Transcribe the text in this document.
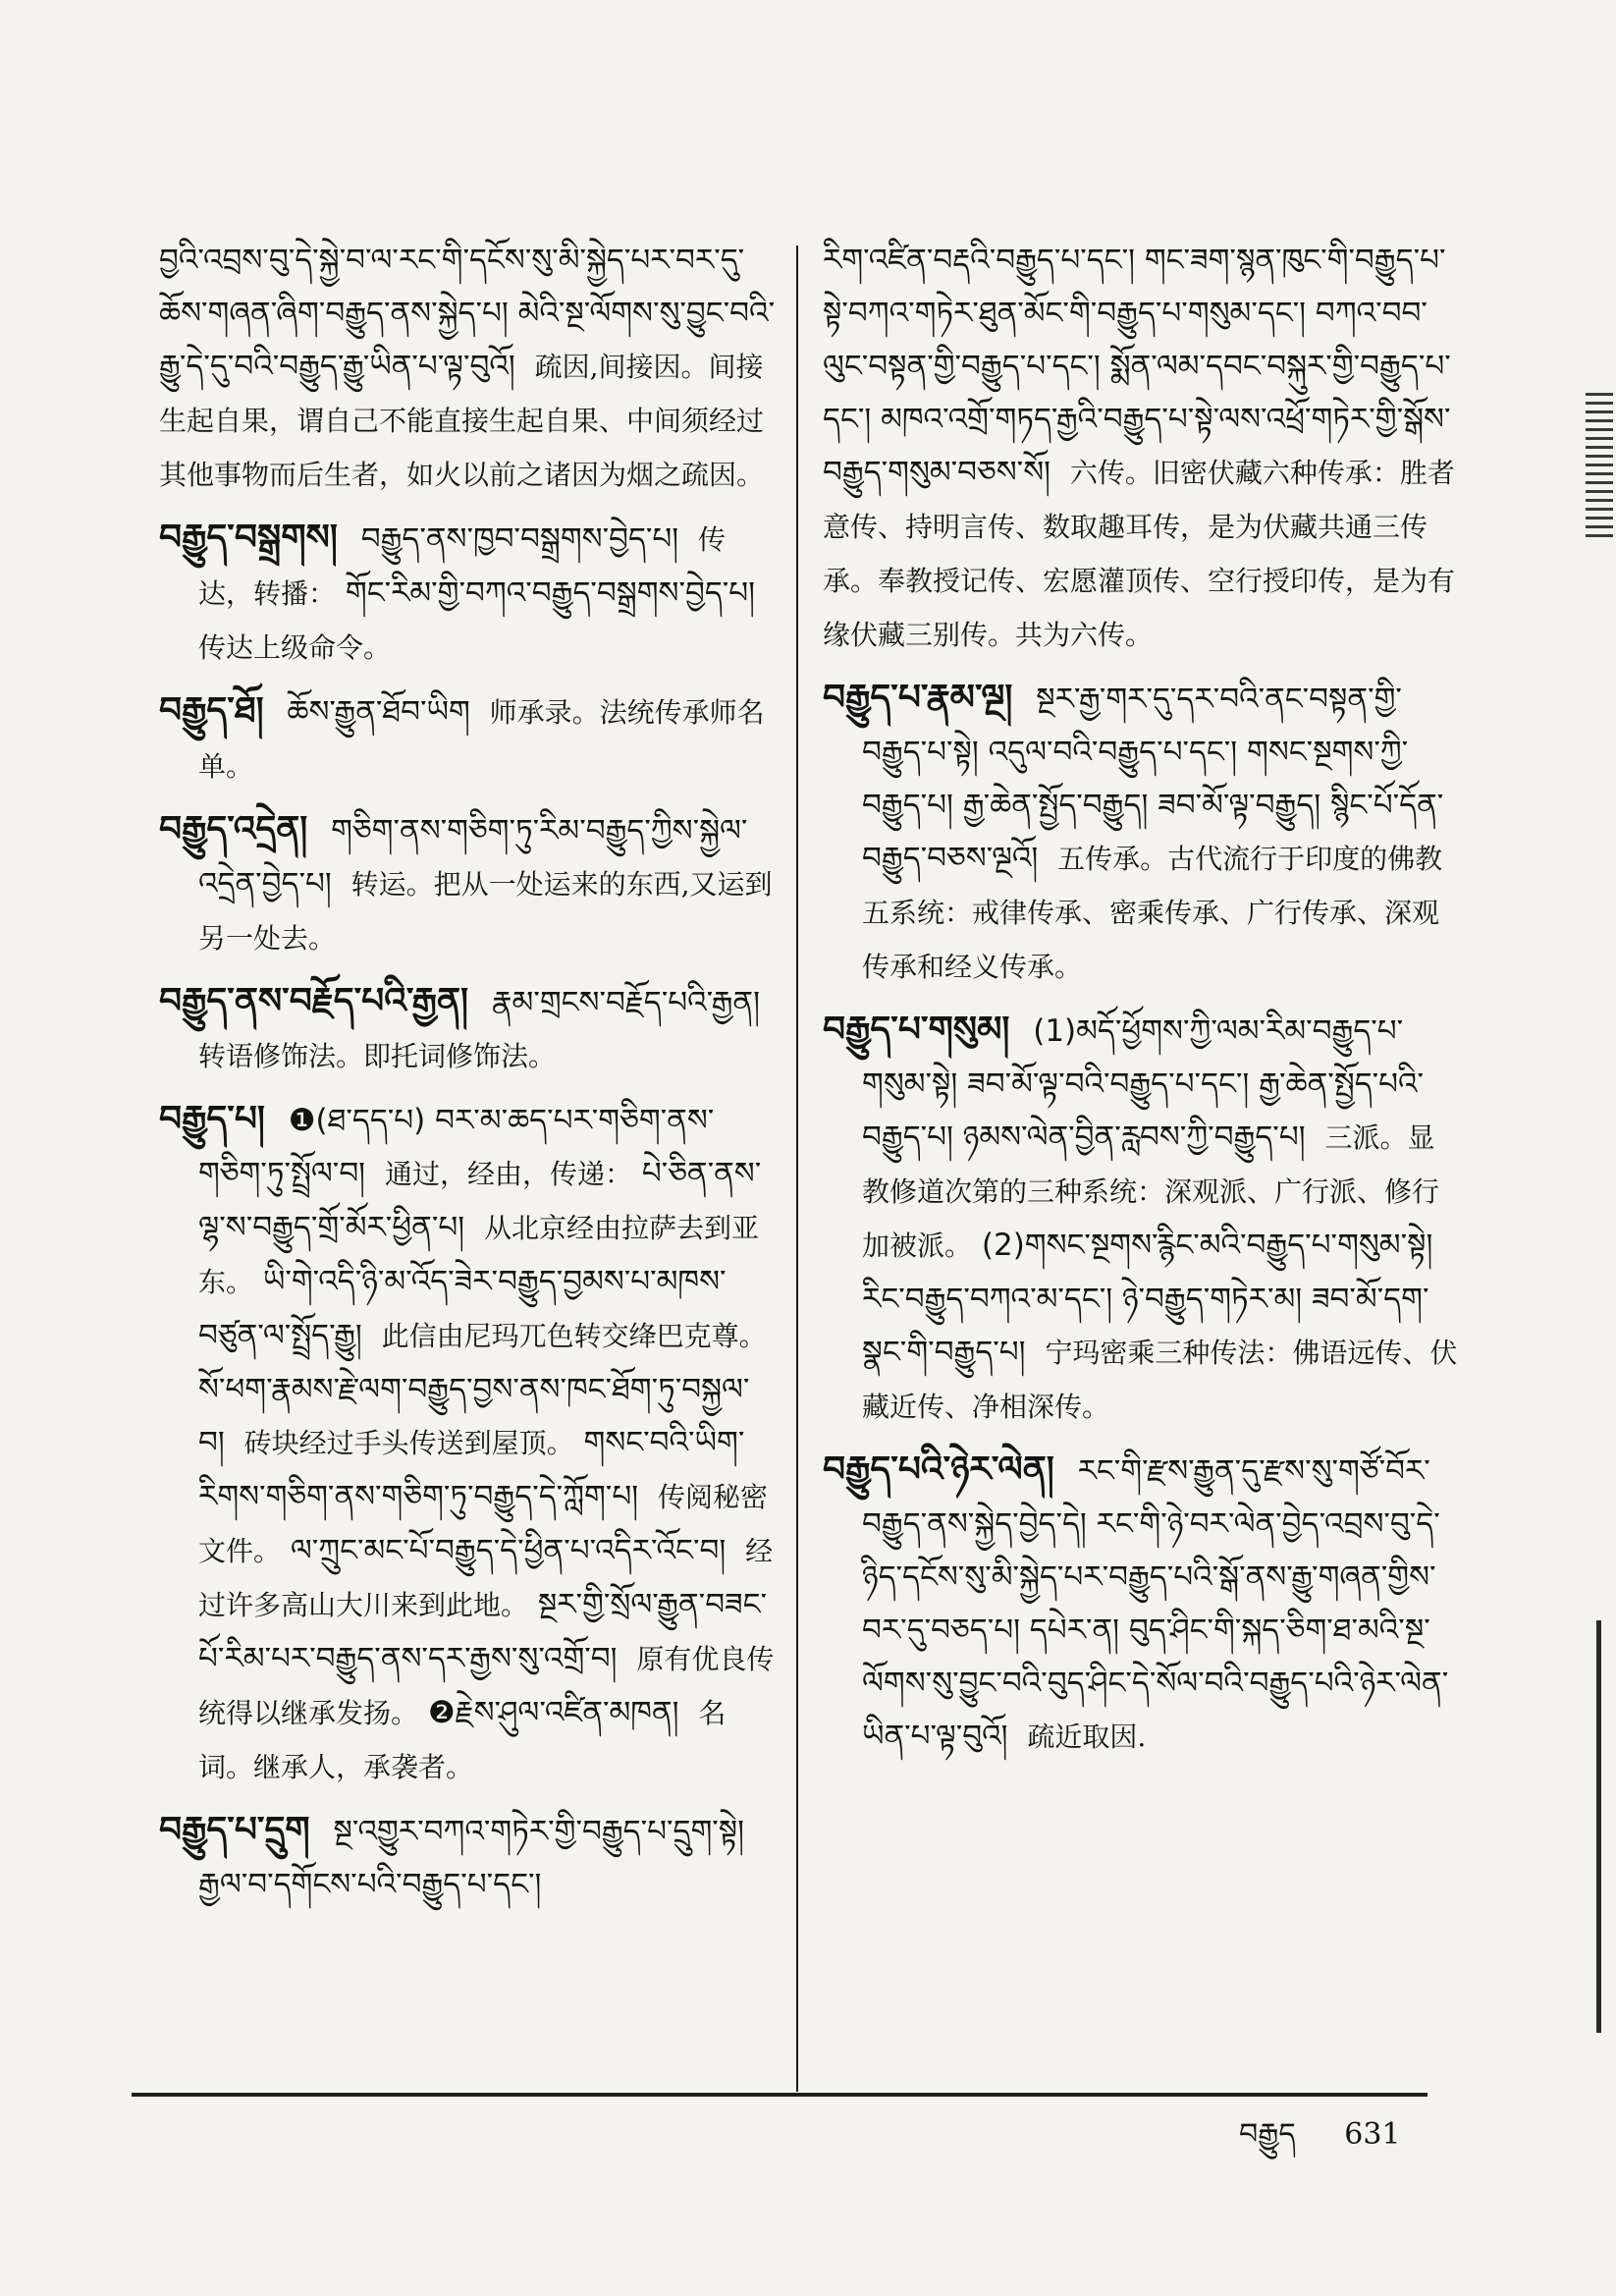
བྱའི་འབྲས་བུ་དེ་སྐྱེ་བ་ལ་རང་གི་དངོས་སུ་མི་སྐྱེད་པར་བར་དུ་ཆོས་གཞན་ཞིག་བརྒྱུད་ནས་སྐྱེད་པ། མེའི་སྔ་ལོགས་སུ་བྱུང་བའི་རྒྱུ་དེ་དུ་བའི་བརྒྱུད་རྒྱུ་ཡིན་པ་ལྟ་བུའོ། 疏因,间接因。间接生起自果，谓自己不能直接生起自果、中间须经过其他事物而后生者，如火以前之诸因为烟之疏因。

བརྒྱུད་བསྒྲགས། བརྒྱུད་ནས་ཁྱབ་བསྒྲགས་བྱེད་པ། 传达，转播： གོང་རིམ་གྱི་བཀའ་བརྒྱུད་བསྒྲགས་བྱེད་པ། 传达上级命令。

བརྒྱུད་ཐོ། ཆོས་རྒྱུན་ཐོབ་ཡིག 师承录。法统传承师名单。

བརྒྱུད་འདྲེན། གཅིག་ནས་གཅིག་ཏུ་རིམ་བརྒྱུད་ཀྱིས་སྐྱེལ་འདྲེན་བྱེད་པ། 转运。把从一处运来的东西,又运到另一处去。

བརྒྱུད་ནས་བརྗོད་པའི་རྒྱན། རྣམ་གྲངས་བརྗོད་པའི་རྒྱན། 转语修饰法。即托词修饰法。

བརྒྱུད་པ། ❶(ཐ་དད་པ) བར་མ་ཆད་པར་གཅིག་ནས་གཅིག་ཏུ་སྤྲོལ་བ། 通过，经由，传递： པེ་ཅིན་ནས་ལྷ་ས་བརྒྱུད་གྲོ་མོར་ཕྱིན་པ། 从北京经由拉萨去到亚东。 ཡི་གེ་འདི་ཉི་མ་འོད་ཟེར་བརྒྱུད་བྱམས་པ་མཁས་བཙུན་ལ་སྤྲོད་རྒྱུ། 此信由尼玛兀色转交绛巴克尊。 སོ་ཕག་རྣམས་རྗེ་ལག་བརྒྱུད་བྱས་ནས་ཁང་ཐོག་ཏུ་བསྐྱལ་བ། 砖块经过手头传送到屋顶。 གསང་བའི་ཡིག་རིགས་གཅིག་ནས་གཅིག་ཏུ་བརྒྱུད་དེ་ཀློག་པ། 传阅秘密文件。 ལ་ཀྲུང་མང་པོ་བརྒྱུད་དེ་ཕྱིན་པ་འདིར་འོང་བ། 经过许多高山大川来到此地。 སྔར་གྱི་སྲོལ་རྒྱུན་བཟང་པོ་རིམ་པར་བརྒྱུད་ནས་དར་རྒྱས་སུ་འགྲོ་བ། 原有优良传统得以继承发扬。 ❷རྗེས་ཤུལ་འཛིན་མཁན། 名词。继承人，承袭者。

བརྒྱུད་པ་དྲུག སྔ་འགྱུར་བཀའ་གཏེར་གྱི་བརྒྱུད་པ་དྲུག་སྟེ། རྒྱལ་བ་དགོངས་པའི་བརྒྱུད་པ་དང་།

རིག་འཛིན་བརྡའི་བརྒྱུད་པ་དང་། གང་ཟག་སྙན་ཁུང་གི་བརྒྱུད་པ་སྟེ་བཀའ་གཏེར་ཐུན་མོང་གི་བརྒྱུད་པ་གསུམ་དང་། བཀའ་བབ་ལུང་བསྟན་གྱི་བརྒྱུད་པ་དང་། སྨོན་ལམ་དབང་བསྐུར་གྱི་བརྒྱུད་པ་དང་། མཁའ་འགྲོ་གཏད་རྒྱའི་བརྒྱུད་པ་སྟེ་ལས་འཕྲོ་གཏེར་གྱི་སྒོས་བརྒྱུད་གསུམ་བཅས་སོ། 六传。旧密伏藏六种传承：胜者意传、持明言传、数取趣耳传，是为伏藏共通三传承。奉教授记传、宏愿灌顶传、空行授印传，是为有缘伏藏三别传。共为六传。

བརྒྱུད་པ་རྣམ་ལྔ། སྔར་རྒྱ་གར་དུ་དར་བའི་ནང་བསྟན་གྱི་བརྒྱུད་པ་སྟེ། འདུལ་བའི་བརྒྱུད་པ་དང་། གསང་སྔགས་ཀྱི་བརྒྱུད་པ། རྒྱ་ཆེན་སྤྱོད་བརྒྱུད། ཟབ་མོ་ལྟ་བརྒྱུད། སྙིང་པོ་དོན་བརྒྱུད་བཅས་ལྔའོ། 五传承。古代流行于印度的佛教五系统：戒律传承、密乘传承、广行传承、深观传承和经义传承。

བརྒྱུད་པ་གསུམ། (1)མདོ་ཕྱོགས་ཀྱི་ལམ་རིམ་བརྒྱུད་པ་གསུམ་སྟེ། ཟབ་མོ་ལྟ་བའི་བརྒྱུད་པ་དང་། རྒྱ་ཆེན་སྤྱོད་པའི་བརྒྱུད་པ། ཉམས་ལེན་བྱིན་རླབས་ཀྱི་བརྒྱུད་པ། 三派。显教修道次第的三种系统：深观派、广行派、修行加被派。 (2)གསང་སྔགས་རྙིང་མའི་བརྒྱུད་པ་གསུམ་སྟེ། རིང་བརྒྱུད་བཀའ་མ་དང་། ཉེ་བརྒྱུད་གཏེར་མ། ཟབ་མོ་དག་སྣང་གི་བརྒྱུད་པ། 宁玛密乘三种传法：佛语远传、伏藏近传、净相深传。

བརྒྱུད་པའི་ཉེར་ལེན། རང་གི་རྫས་རྒྱུན་དུ་རྫས་སུ་གཙོ་བོར་བརྒྱུད་ནས་སྐྱེད་བྱེད་དེ། རང་གི་ཉེ་བར་ལེན་བྱེད་འབྲས་བུ་དེ་ཉིད་དངོས་སུ་མི་སྐྱེད་པར་བརྒྱུད་པའི་སྒོ་ནས་རྒྱུ་གཞན་གྱིས་བར་དུ་བཅད་པ། དཔེར་ན། བུད་ཤིང་གི་སྐད་ཅིག་ཐ་མའི་སྔ་ལོགས་སུ་བྱུང་བའི་བུད་ཤིང་དེ་སོལ་བའི་བརྒྱུད་པའི་ཉེར་ལེན་ཡིན་པ་ལྟ་བུའོ། 疏近取因.

བརྒྱུད 631
